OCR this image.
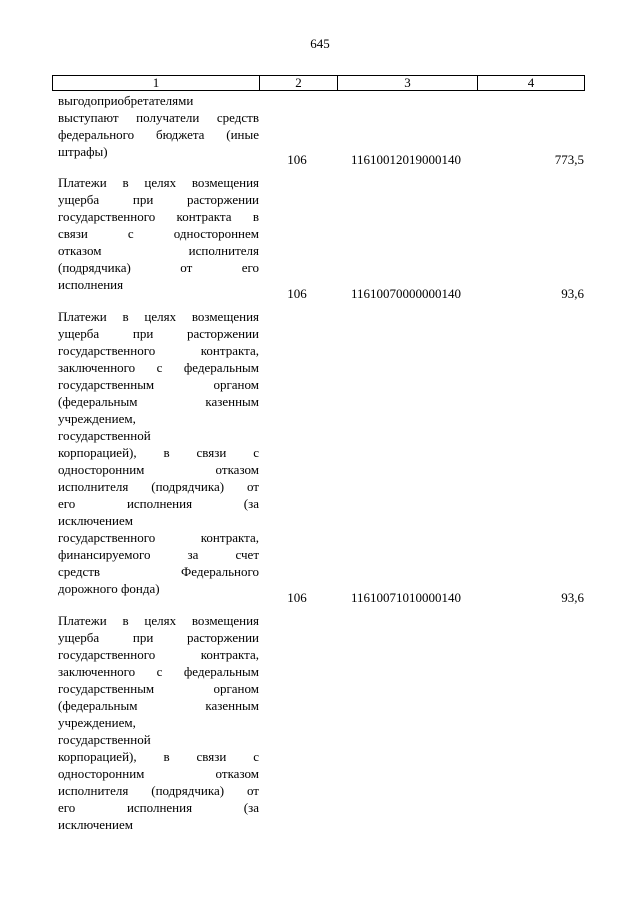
645
1	2	3	4
выгодоприобретателями
выступают получатели средств
федерального бюджета (иные
штрафы)
106	11610012019000140	773,5
Платежи в целях возмещения
ущерба при расторжении
государственного контракта в
связи с одностороннем
отказом исполнителя
(подрядчика) от его
исполнения
106	11610070000000140	93,6
Платежи в целях возмещения
ущерба при расторжении
государственного контракта,
заключенного с федеральным
государственным органом
(федеральным казенным
учреждением,
государственной
корпорацией), в связи с
односторонним отказом
исполнителя (подрядчика) от
его исполнения (за
исключением
государственного контракта,
финансируемого за счет
средств Федерального
дорожного фонда)
106	11610071010000140	93,6
Платежи в целях возмещения
ущерба при расторжении
государственного контракта,
заключенного с федеральным
государственным органом
(федеральным казенным
учреждением,
государственной
корпорацией), в связи с
односторонним отказом
исполнителя (подрядчика) от
его исполнения (за
исключением
